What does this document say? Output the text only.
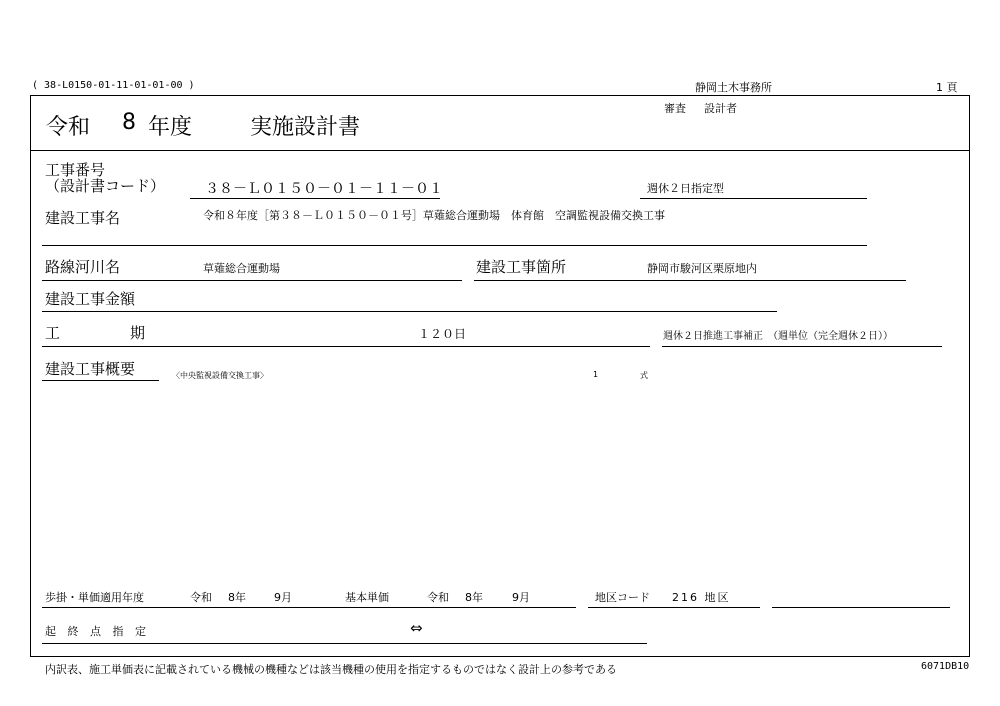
( 38-L0150-01-11-01-01-00 )	静岡土木事務所	1 頁
令和 8 年度	実施設計書
審査 設計者
工事番号
（設計書コード）	３８－Ｌ０１５０－０１－１１－０１	週休２日指定型
建設工事名	令和８年度［第３８－Ｌ０１５０－０１号］草薙総合運動場　体育館　空調監視設備交換工事
路線河川名	草薙総合運動場	建設工事箇所	静岡市駿河区栗原地内
建設工事金額
工	期	１２０日	週休２日推進工事補正　（週単位（完全週休２日））
建設工事概要	〈中央監視設備交換工事〉	1	式
歩掛・単価適用年度	令和 8年	9月	基本単価	令和 8年	9月	地区コード 216 地区
起 終 点 指 定	⇔
内訳表、施工単価表に記載されている機械の機種などは該当機種の使用を指定するものではなく設計上の参考である	6071DB10
